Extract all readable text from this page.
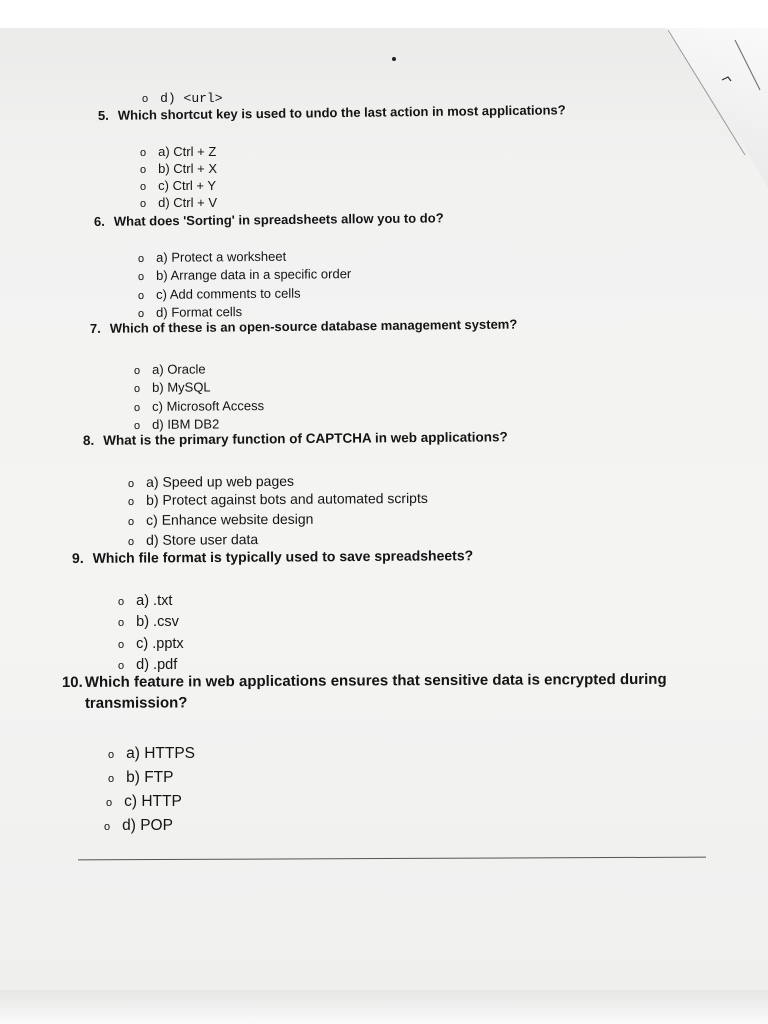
o d) <url>
5. Which shortcut key is used to undo the last action in most applications?
o a) Ctrl + Z
o b) Ctrl + X
o c) Ctrl + Y
o d) Ctrl + V
6. What does 'Sorting' in spreadsheets allow you to do?
o a) Protect a worksheet
o b) Arrange data in a specific order
o c) Add comments to cells
o d) Format cells
7. Which of these is an open-source database management system?
o a) Oracle
o b) MySQL
o c) Microsoft Access
o d) IBM DB2
8. What is the primary function of CAPTCHA in web applications?
o a) Speed up web pages
o b) Protect against bots and automated scripts
o c) Enhance website design
o d) Store user data
9. Which file format is typically used to save spreadsheets?
o a) .txt
o b) .csv
o c) .pptx
o d) .pdf
10. Which feature in web applications ensures that sensitive data is encrypted during transmission?
o a) HTTPS
o b) FTP
o c) HTTP
o d) POP
